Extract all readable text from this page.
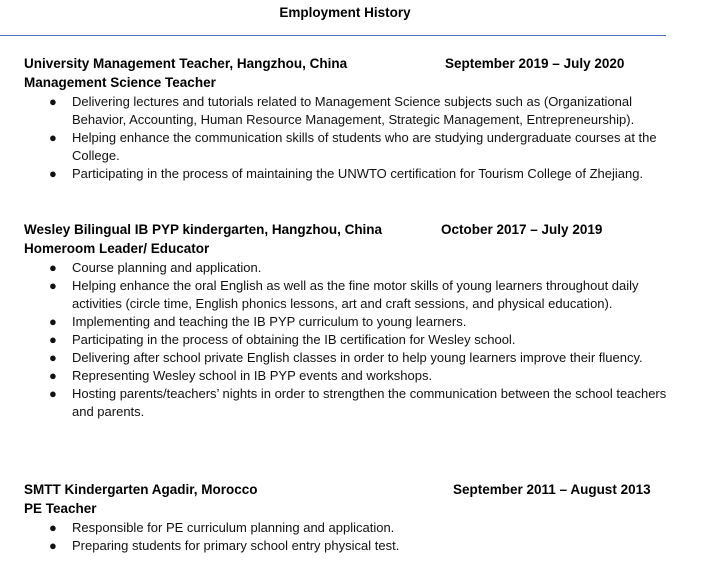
Employment History
University Management Teacher, Hangzhou, China	September 2019 – July 2020
Management Science Teacher
● Delivering lectures and tutorials related to Management Science subjects such as (Organizational Behavior, Accounting, Human Resource Management, Strategic Management, Entrepreneurship).
● Helping enhance the communication skills of students who are studying undergraduate courses at the College.
● Participating in the process of maintaining the UNWTO certification for Tourism College of Zhejiang.
Wesley Bilingual IB PYP kindergarten, Hangzhou, China	October 2017 – July 2019
Homeroom Leader/ Educator
● Course planning and application.
● Helping enhance the oral English as well as the fine motor skills of young learners throughout daily activities (circle time, English phonics lessons, art and craft sessions, and physical education).
● Implementing and teaching the IB PYP curriculum to young learners.
● Participating in the process of obtaining the IB certification for Wesley school.
● Delivering after school private English classes in order to help young learners improve their fluency.
● Representing Wesley school in IB PYP events and workshops.
● Hosting parents/teachers’ nights in order to strengthen the communication between the school teachers and parents.
SMTT Kindergarten Agadir, Morocco	September 2011 – August 2013
PE Teacher
● Responsible for PE curriculum planning and application.
● Preparing students for primary school entry physical test.
